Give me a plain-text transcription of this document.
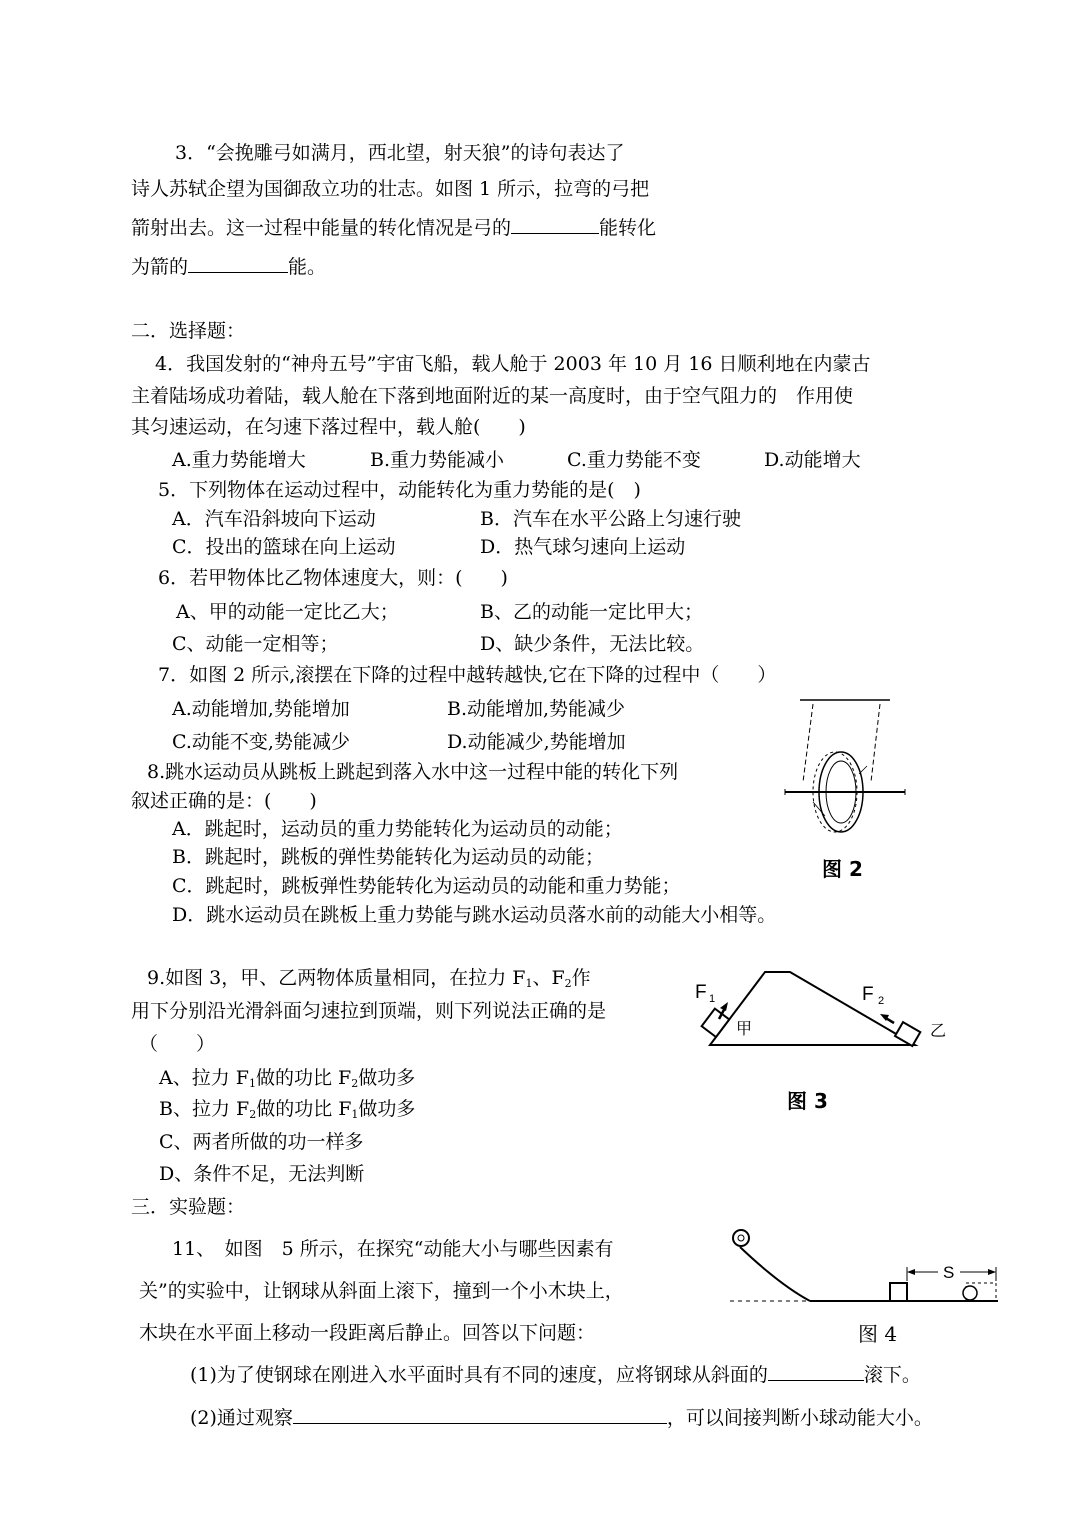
3．“会挽雕弓如满月，西北望，射天狼”的诗句表达了
诗人苏轼企望为国御敌立功的壮志。如图 1 所示，拉弯的弓把
箭射出去。这一过程中能量的转化情况是弓的	能转化
为箭的	能。
二．选择题：
4．我国发射的“神舟五号”宇宙飞船，载人舱于 2003 年 10 月 16 日顺利地在内蒙古
主着陆场成功着陆，载人舱在下落到地面附近的某一高度时，由于空气阻力的　作用使
其匀速运动，在匀速下落过程中，载人舱(　　)
A.重力势能增大	B.重力势能减小	C.重力势能不变	D.动能增大
5．下列物体在运动过程中，动能转化为重力势能的是(　)
A．汽车沿斜坡向下运动	B．汽车在水平公路上匀速行驶
C．投出的篮球在向上运动	D．热气球匀速向上运动
6．若甲物体比乙物体速度大，则：(　　)
A、甲的动能一定比乙大；	B、乙的动能一定比甲大；
C、动能一定相等；	D、缺少条件，无法比较。
7．如图 2 所示,滚摆在下降的过程中越转越快,它在下降的过程中（　　）
A.动能增加,势能增加	B.动能增加,势能减少
C.动能不变,势能减少	D.动能减少,势能增加
8.跳水运动员从跳板上跳起到落入水中这一过程中能的转化下列
叙述正确的是：(　　)
A．跳起时，运动员的重力势能转化为运动员的动能；
B．跳起时，跳板的弹性势能转化为运动员的动能；
C．跳起时，跳板弹性势能转化为运动员的动能和重力势能；
D．跳水运动员在跳板上重力势能与跳水运动员落水前的动能大小相等。
图 2
9.如图 3，甲、乙两物体质量相同，在拉力 $F_1$、$F_2$作
用下分别沿光滑斜面匀速拉到顶端，则下列说法正确的是
（　　）
A、拉力 $F_1$做的功比 $F_2$做功多
B、拉力 $F_2$做的功比 $F_1$做功多
C、两者所做的功一样多
D、条件不足，无法判断
F 1	F 2
甲	乙
图 3
三．实验题：
11、　如图　5 所示，在探究“动能大小与哪些因素有
关”的实验中，让钢球从斜面上滚下，撞到一个小木块上，
木块在水平面上移动一段距离后静止。回答以下问题：
(1)为了使钢球在刚进入水平面时具有不同的速度，应将钢球从斜面的	滚下。
(2)通过观察	，可以间接判断小球动能大小。
S
图 4
